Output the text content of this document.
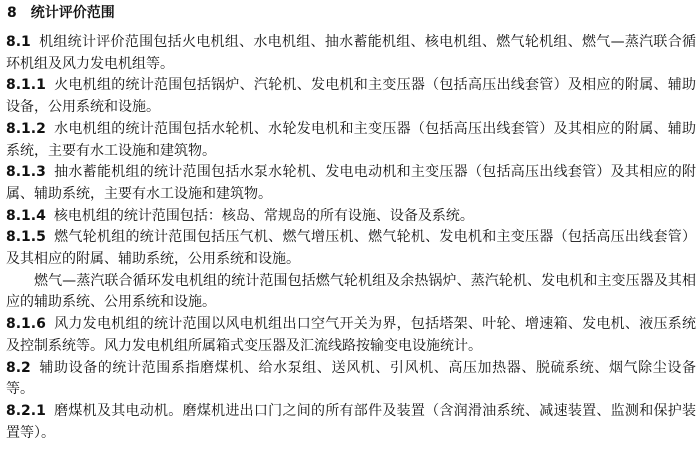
8 统计评价范围

8.1 机组统计评价范围包括火电机组、水电机组、抽水蓄能机组、核电机组、燃气轮机组、燃气—蒸汽联合循环机组及风力发电机组等。

8.1.1 火电机组的统计范围包括锅炉、汽轮机、发电机和主变压器（包括高压出线套管）及相应的附属、辅助设备，公用系统和设施。

8.1.2 水电机组的统计范围包括水轮机、水轮发电机和主变压器（包括高压出线套管）及其相应的附属、辅助系统，主要有水工设施和建筑物。

8.1.3 抽水蓄能机组的统计范围包括水泵水轮机、发电电动机和主变压器（包括高压出线套管）及其相应的附属、辅助系统，主要有水工设施和建筑物。

8.1.4 核电机组的统计范围包括：核岛、常规岛的所有设施、设备及系统。

8.1.5 燃气轮机组的统计范围包括压气机、燃气增压机、燃气轮机、发电机和主变压器（包括高压出线套管）及其相应的附属、辅助系统，公用系统和设施。

燃气—蒸汽联合循环发电机组的统计范围包括燃气轮机组及余热锅炉、蒸汽轮机、发电机和主变压器及其相应的辅助系统、公用系统和设施。

8.1.6 风力发电机组的统计范围以风电机组出口空气开关为界，包括塔架、叶轮、增速箱、发电机、液压系统及控制系统等。风力发电机组所属箱式变压器及汇流线路按输变电设施统计。

8.2 辅助设备的统计范围系指磨煤机、给水泵组、送风机、引风机、高压加热器、脱硫系统、烟气除尘设备等。

8.2.1 磨煤机及其电动机。磨煤机进出口门之间的所有部件及装置（含润滑油系统、减速装置、监测和保护装置等）。
